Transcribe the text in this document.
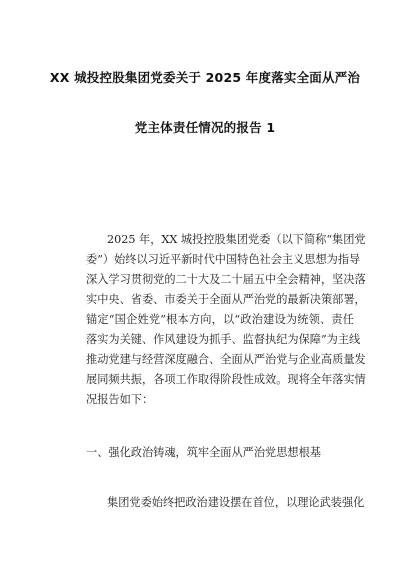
XX 城投控股集团党委关于 2025 年度落实全面从严治
党主体责任情况的报告 1
2025 年，XX 城投控股集团党委（以下简称“集团党
委”）始终以习近平新时代中国特色社会主义思想为指导
深入学习贯彻党的二十大及二十届五中全会精神，坚决落
实中央、省委、市委关于全面从严治党的最新决策部署，
锚定“国企姓党”根本方向，以“政治建设为统领、责任
落实为关键、作风建设为抓手、监督执纪为保障”为主线
推动党建与经营深度融合、全面从严治党与企业高质量发
展同频共振，各项工作取得阶段性成效。现将全年落实情
况报告如下：
一、强化政治铸魂，筑牢全面从严治党思想根基
集团党委始终把政治建设摆在首位，以理论武装强化
